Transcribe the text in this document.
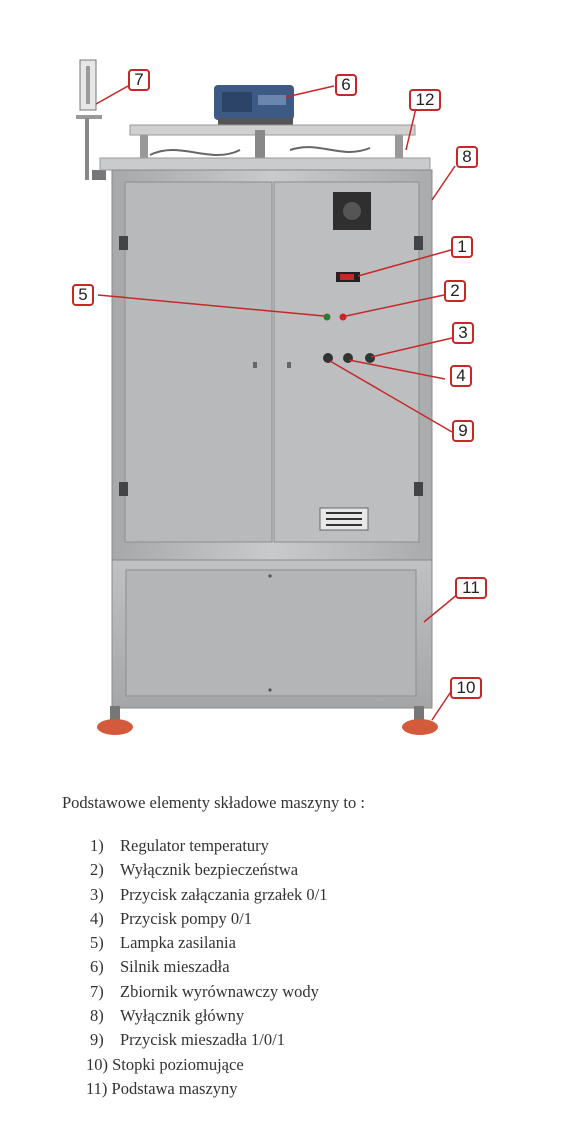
7	6
12
8
1
2
5
3
4
9
11
10
Podstawowe elementy składowe maszyny to :
1) Regulator temperatury
2) Wyłącznik bezpieczeństwa
3) Przycisk załączania grzałek 0/1
4) Przycisk pompy 0/1
5) Lampka zasilania
6) Silnik mieszadła
7) Zbiornik wyrównawczy wody
8) Wyłącznik główny
9) Przycisk mieszadła 1/0/1
10) Stopki poziomujące
11) Podstawa maszyny
